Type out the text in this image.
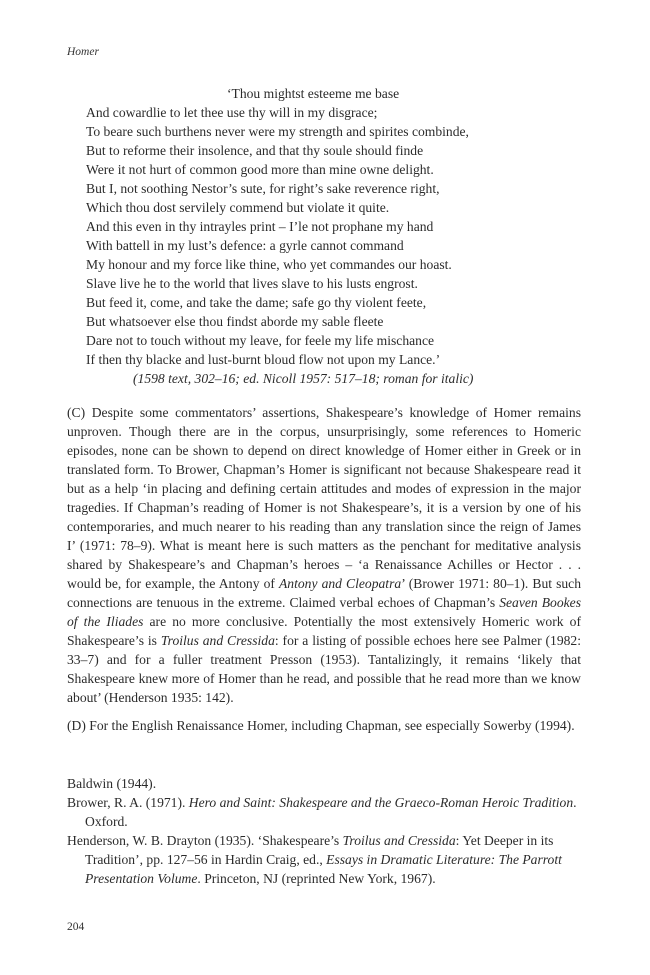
Homer
‘Thou mightst esteeme me base
And cowardlie to let thee use thy will in my disgrace;
To beare such burthens never were my strength and spirites combinde,
But to reforme their insolence, and that thy soule should finde
Were it not hurt of common good more than mine owne delight.
But I, not soothing Nestor’s sute, for right’s sake reverence right,
Which thou dost servilely commend but violate it quite.
And this even in thy intrayles print – I’le not prophane my hand
With battell in my lust’s defence: a gyrle cannot command
My honour and my force like thine, who yet commandes our hoast.
Slave live he to the world that lives slave to his lusts engrost.
But feed it, come, and take the dame; safe go thy violent feete,
But whatsoever else thou findst aborde my sable fleete
Dare not to touch without my leave, for feele my life mischance
If then thy blacke and lust-burnt bloud flow not upon my Lance.’
(1598 text, 302–16; ed. Nicoll 1957: 517–18; roman for italic)

(C) Despite some commentators’ assertions, Shakespeare’s knowledge of Homer remains unproven. Though there are in the corpus, unsurprisingly, some references to Homeric episodes, none can be shown to depend on direct knowledge of Homer either in Greek or in translated form. To Brower, Chapman’s Homer is significant not because Shakespeare read it but as a help ‘in placing and defining certain attitudes and modes of expression in the major tragedies. If Chapman’s reading of Homer is not Shakespeare’s, it is a version by one of his contemporaries, and much nearer to his reading than any translation since the reign of James I’ (1971: 78–9). What is meant here is such matters as the penchant for meditative analysis shared by Shakespeare’s and Chapman’s heroes – ‘a Renaissance Achilles or Hector . . . would be, for example, the Antony of Antony and Cleopatra’ (Brower 1971: 80–1). But such connections are tenuous in the extreme. Claimed verbal echoes of Chapman’s Seaven Bookes of the Iliades are no more conclusive. Potentially the most extensively Homeric work of Shakespeare’s is Troilus and Cressida: for a listing of possible echoes here see Palmer (1982: 33–7) and for a fuller treatment Presson (1953). Tantalizingly, it remains ‘likely that Shakespeare knew more of Homer than he read, and possible that he read more than we know about’ (Henderson 1935: 142).

(D) For the English Renaissance Homer, including Chapman, see especially Sowerby (1994).

Baldwin (1944).
Brower, R. A. (1971). Hero and Saint: Shakespeare and the Graeco-Roman Heroic Tradition. Oxford.
Henderson, W. B. Drayton (1935). ‘Shakespeare’s Troilus and Cressida: Yet Deeper in its Tradition’, pp. 127–56 in Hardin Craig, ed., Essays in Dramatic Literature: The Parrott Presentation Volume. Princeton, NJ (reprinted New York, 1967).
204
